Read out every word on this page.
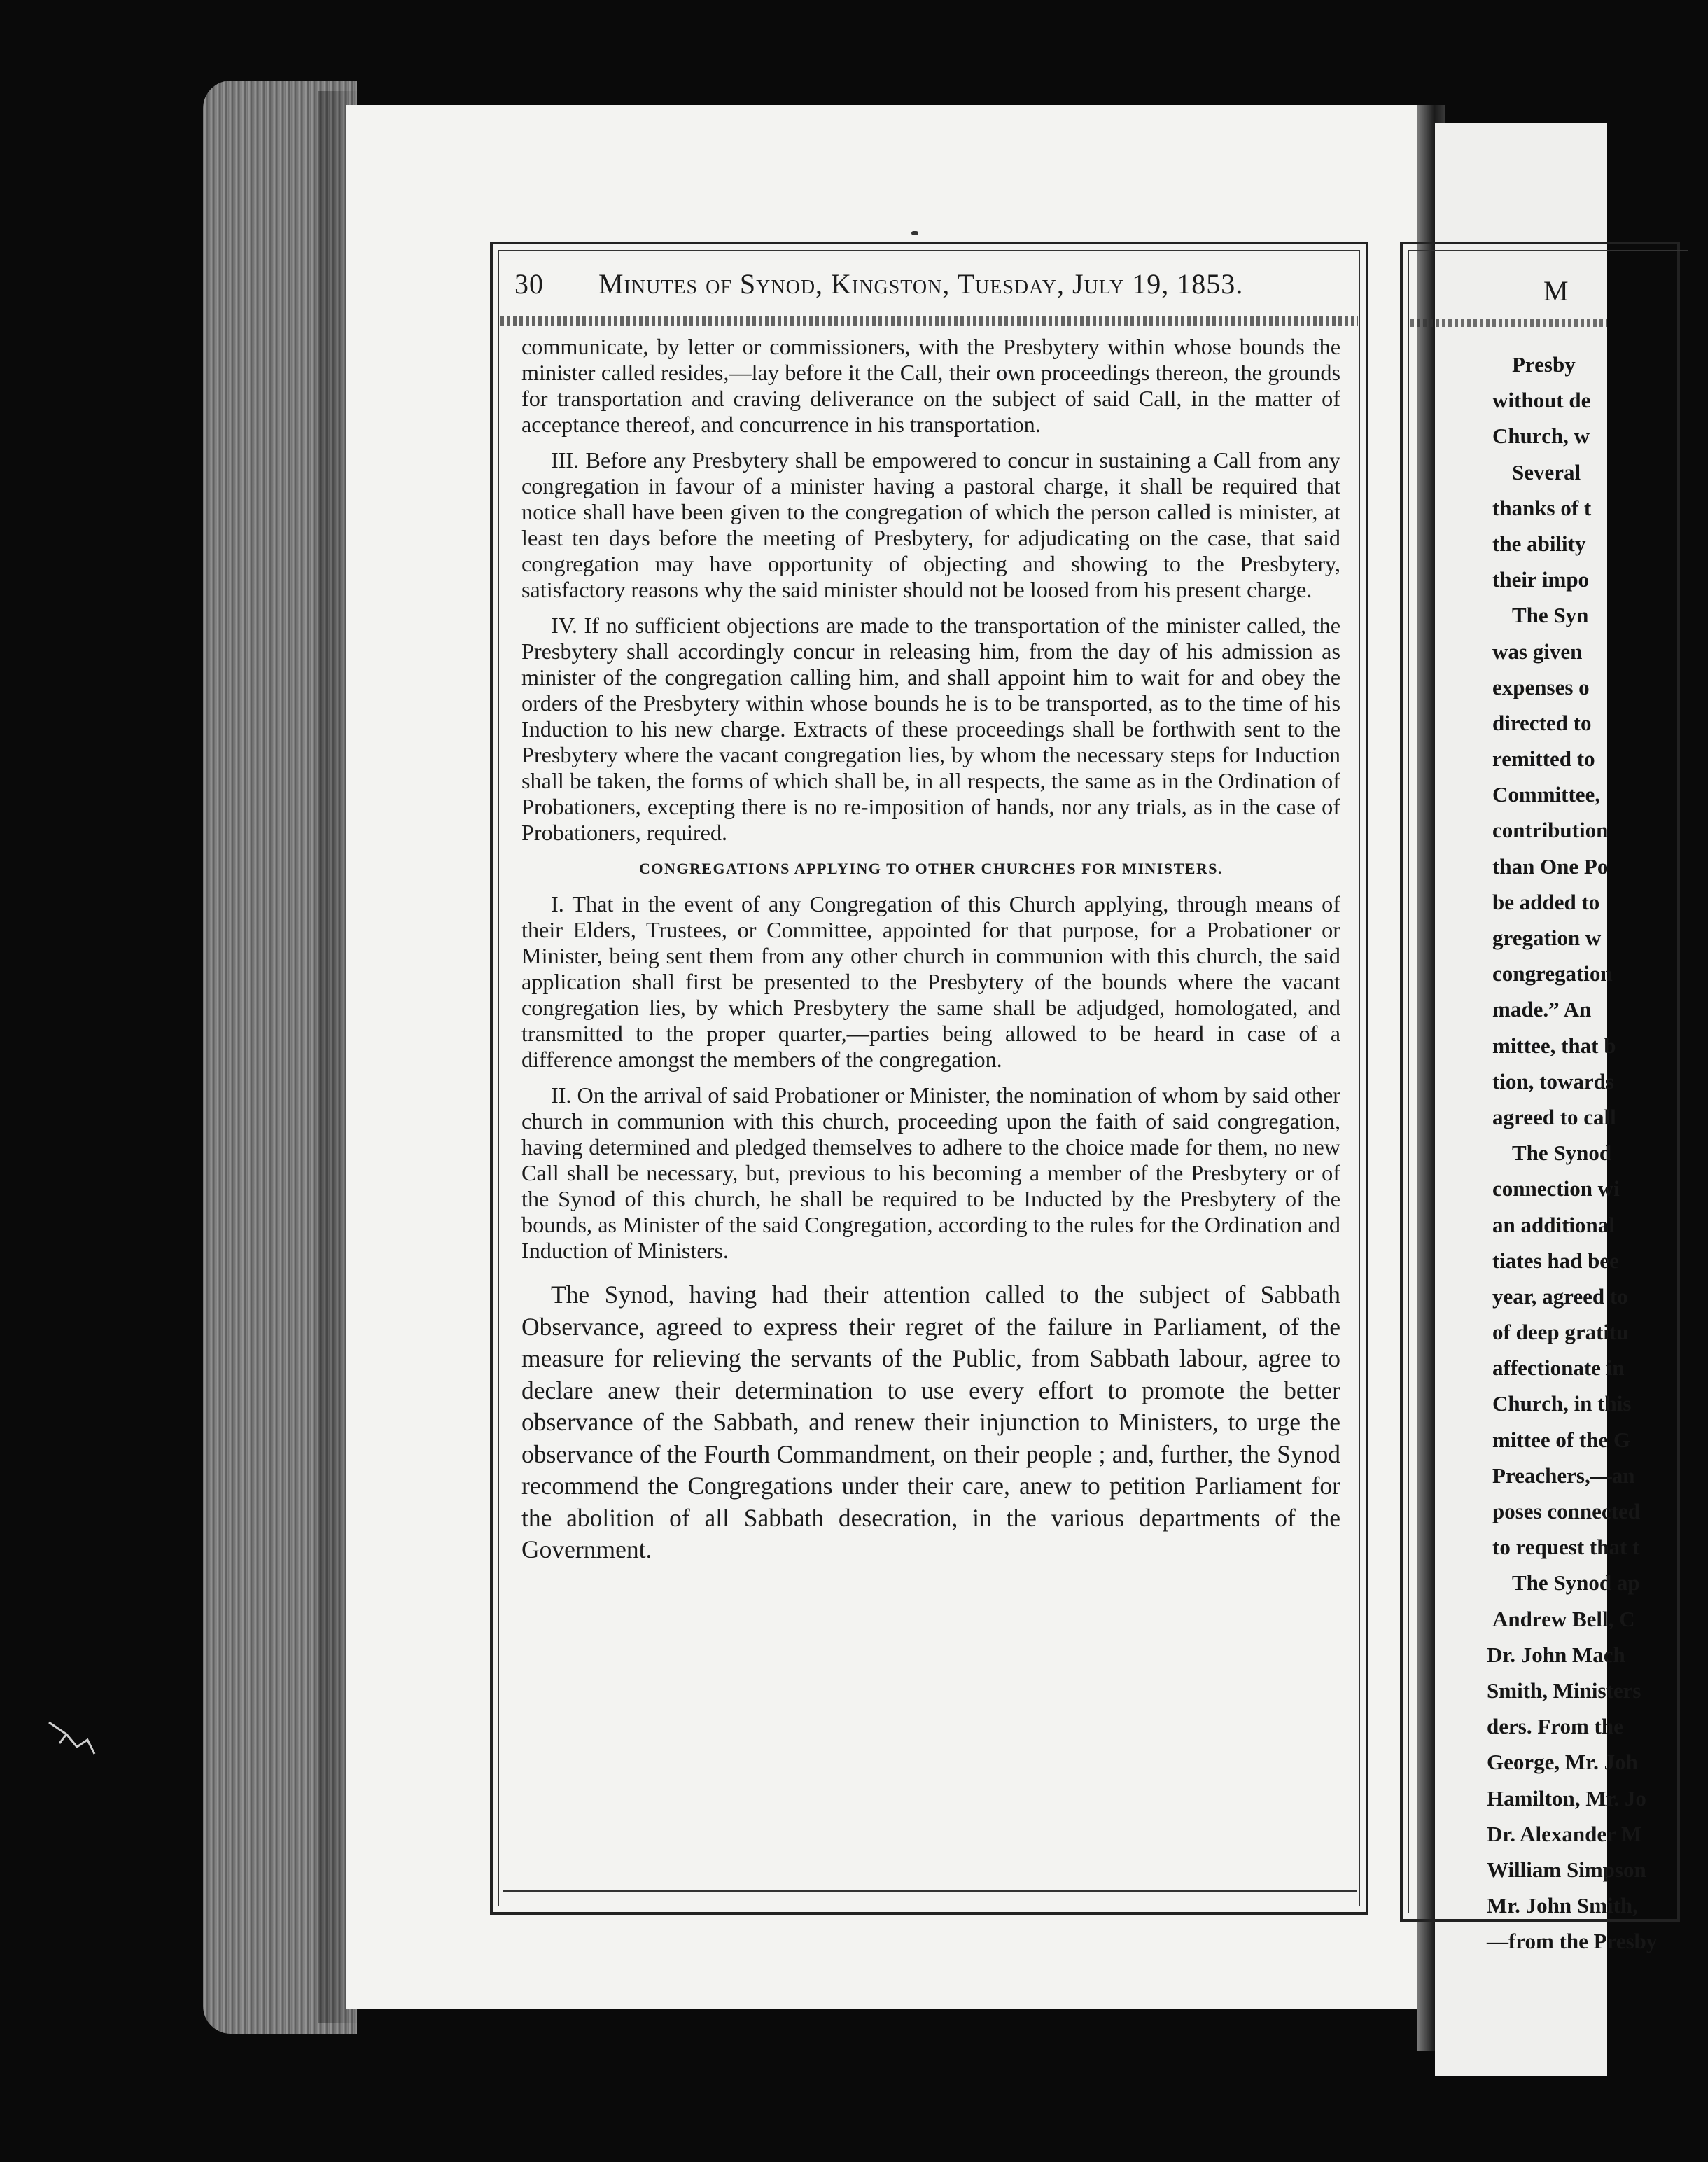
30 Minutes of Synod, Kingston, Tuesday, July 19, 1853.

communicate, by letter or commissioners, with the Presbytery within whose bounds the minister called resides,—lay before it the Call, their own proceedings thereon, the grounds for transportation and craving deliverance on the subject of said Call, in the matter of acceptance thereof, and concurrence in his transportation.

III. Before any Presbytery shall be empowered to concur in sustaining a Call from any congregation in favour of a minister having a pastoral charge, it shall be required that notice shall have been given to the congregation of which the person called is minister, at least ten days before the meeting of Presbytery, for adjudicating on the case, that said congregation may have opportunity of objecting and showing to the Presbytery, satisfactory reasons why the said minister should not be loosed from his present charge.

IV. If no sufficient objections are made to the transportation of the minister called, the Presbytery shall accordingly concur in releasing him, from the day of his admission as minister of the congregation calling him, and shall appoint him to wait for and obey the orders of the Presbytery within whose bounds he is to be transported, as to the time of his Induction to his new charge. Extracts of these proceedings shall be forthwith sent to the Presbytery where the vacant congregation lies, by whom the necessary steps for Induction shall be taken, the forms of which shall be, in all respects, the same as in the Ordination of Probationers, excepting there is no re-imposition of hands, nor any trials, as in the case of Probationers, required.

CONGREGATIONS APPLYING TO OTHER CHURCHES FOR MINISTERS.

I. That in the event of any Congregation of this Church applying, through means of their Elders, Trustees, or Committee, appointed for that purpose, for a Probationer or Minister, being sent them from any other church in communion with this church, the said application shall first be presented to the Presbytery of the bounds where the vacant congregation lies, by which Presbytery the same shall be adjudged, homologated, and transmitted to the proper quarter,—parties being allowed to be heard in case of a difference amongst the members of the congregation.

II. On the arrival of said Probationer or Minister, the nomination of whom by said other church in communion with this church, proceeding upon the faith of said congregation, having determined and pledged themselves to adhere to the choice made for them, no new Call shall be necessary, but, previous to his becoming a member of the Presbytery or of the Synod of this church, he shall be required to be Inducted by the Presbytery of the bounds, as Minister of the said Congregation, according to the rules for the Ordination and Induction of Ministers.

The Synod, having had their attention called to the subject of Sabbath Observance, agreed to express their regret of the failure in Parliament, of the measure for relieving the servants of the Public, from Sabbath labour, agree to declare anew their determination to use every effort to promote the better observance of the Sabbath, and renew their injunction to Ministers, to urge the observance of the Fourth Commandment, on their people ; and, further, the Synod recommend the Congregations under their care, anew to petition Parliament for the abolition of all Sabbath desecration, in the various departments of the Government.

M
Presby
without de
Church, w
Several
thanks of t
the ability
their impo
The Syn
was given
expenses o
directed to
remitted to
Committee,
contribution
than One Po
be added to
gregation w
congregation
made.” An
mittee, that b
tion, towards
agreed to call
The Synod
connection wi
an additional
tiates had bee
year, agreed to
of deep gratitu
affectionate in
Church, in this
mittee of the G
Preachers,—an
poses connected
to request that t
The Synod ap
Andrew Bell, C
Dr. John Mach
Smith, Ministers
ders. From the
George, Mr. Joh
Hamilton, Mr. Jo
Dr. Alexander M
William Simpson
Mr. John Smith,
—from the Presby
